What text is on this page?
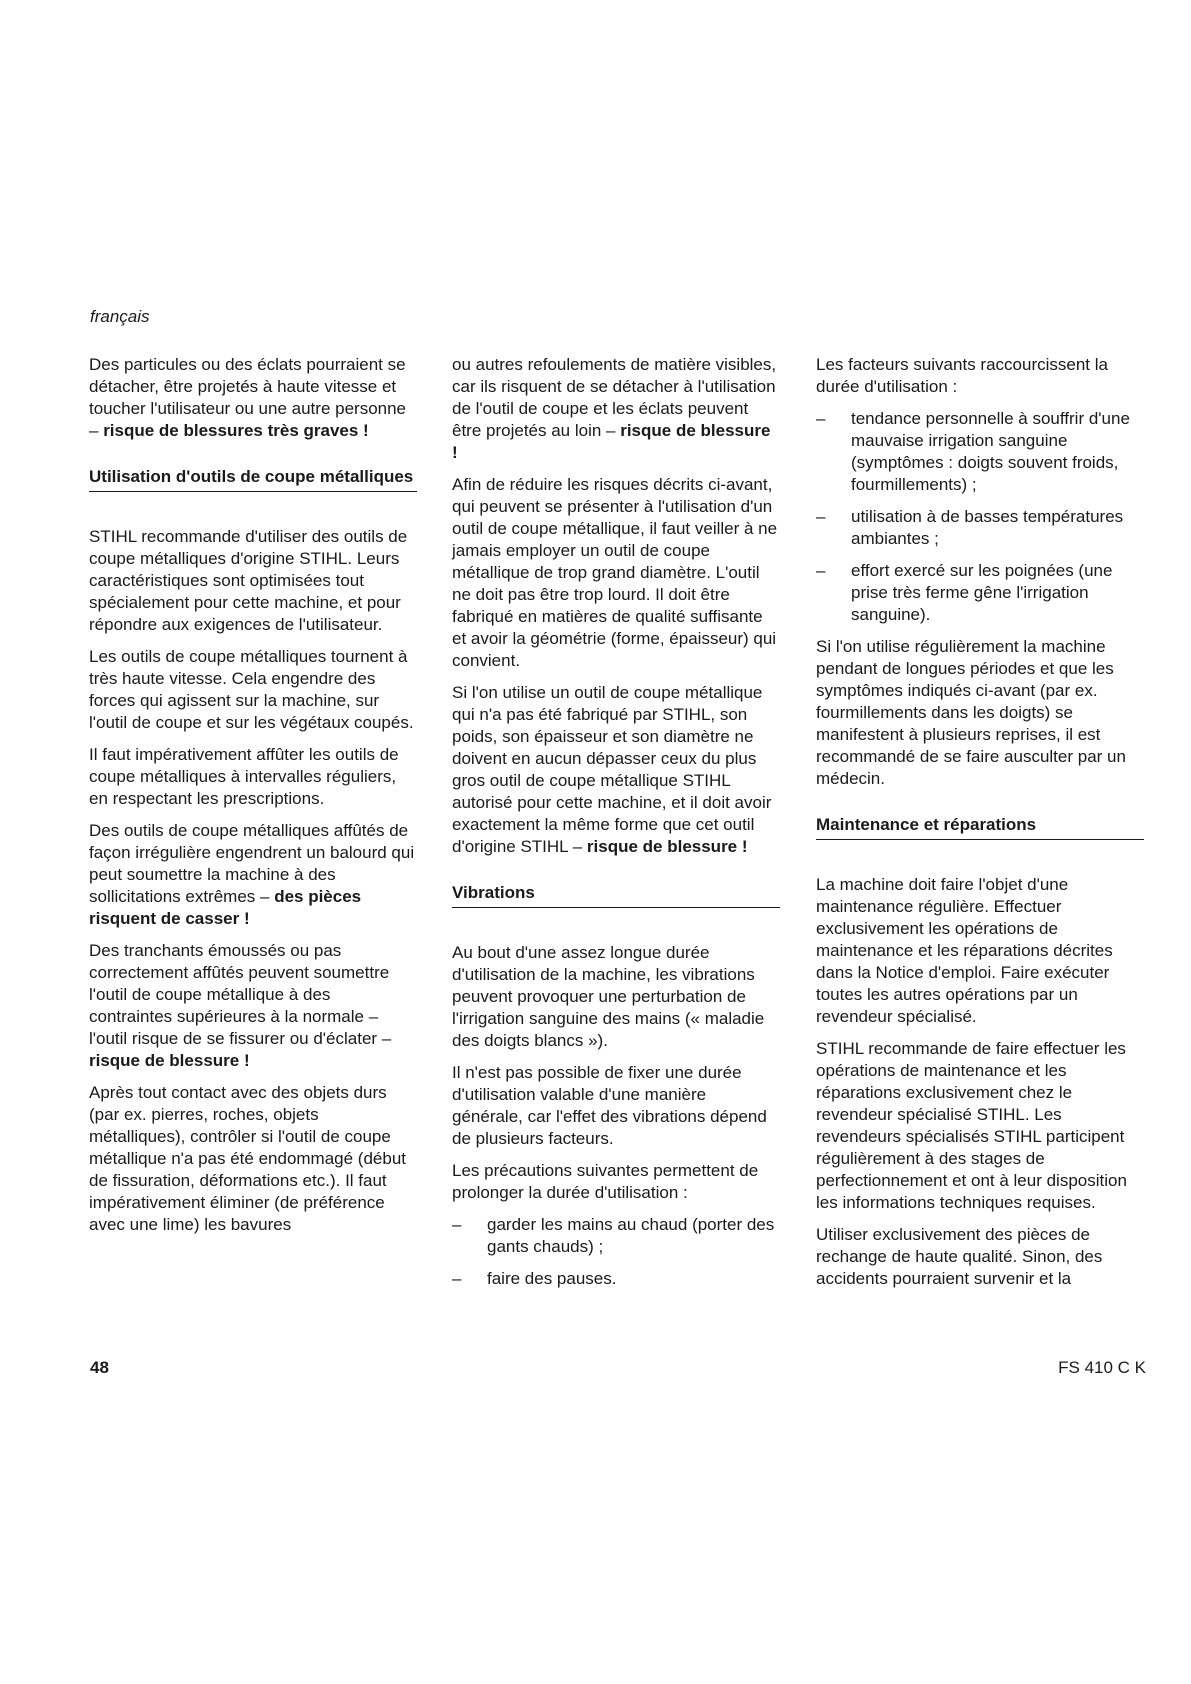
français

Des particules ou des éclats pourraient se détacher, être projetés à haute vitesse et toucher l'utilisateur ou une autre personne – risque de blessures très graves !

Utilisation d'outils de coupe métalliques

STIHL recommande d'utiliser des outils de coupe métalliques d'origine STIHL. Leurs caractéristiques sont optimisées tout spécialement pour cette machine, et pour répondre aux exigences de l'utilisateur.

Les outils de coupe métalliques tournent à très haute vitesse. Cela engendre des forces qui agissent sur la machine, sur l'outil de coupe et sur les végétaux coupés.

Il faut impérativement affûter les outils de coupe métalliques à intervalles réguliers, en respectant les prescriptions.

Des outils de coupe métalliques affûtés de façon irrégulière engendrent un balourd qui peut soumettre la machine à des sollicitations extrêmes – des pièces risquent de casser !

Des tranchants émoussés ou pas correctement affûtés peuvent soumettre l'outil de coupe métallique à des contraintes supérieures à la normale – l'outil risque de se fissurer ou d'éclater – risque de blessure !

Après tout contact avec des objets durs (par ex. pierres, roches, objets métalliques), contrôler si l'outil de coupe métallique n'a pas été endommagé (début de fissuration, déformations etc.). Il faut impérativement éliminer (de préférence avec une lime) les bavures

ou autres refoulements de matière visibles, car ils risquent de se détacher à l'utilisation de l'outil de coupe et les éclats peuvent être projetés au loin – risque de blessure !

Afin de réduire les risques décrits ci-avant, qui peuvent se présenter à l'utilisation d'un outil de coupe métallique, il faut veiller à ne jamais employer un outil de coupe métallique de trop grand diamètre. L'outil ne doit pas être trop lourd. Il doit être fabriqué en matières de qualité suffisante et avoir la géométrie (forme, épaisseur) qui convient.

Si l'on utilise un outil de coupe métallique qui n'a pas été fabriqué par STIHL, son poids, son épaisseur et son diamètre ne doivent en aucun dépasser ceux du plus gros outil de coupe métallique STIHL autorisé pour cette machine, et il doit avoir exactement la même forme que cet outil d'origine STIHL – risque de blessure !

Vibrations

Au bout d'une assez longue durée d'utilisation de la machine, les vibrations peuvent provoquer une perturbation de l'irrigation sanguine des mains (« maladie des doigts blancs »).

Il n'est pas possible de fixer une durée d'utilisation valable d'une manière générale, car l'effet des vibrations dépend de plusieurs facteurs.

Les précautions suivantes permettent de prolonger la durée d'utilisation :

–	garder les mains au chaud (porter des gants chauds) ;
–	faire des pauses.

Les facteurs suivants raccourcissent la durée d'utilisation :

–	tendance personnelle à souffrir d'une mauvaise irrigation sanguine (symptômes : doigts souvent froids, fourmillements) ;
–	utilisation à de basses températures ambiantes ;
–	effort exercé sur les poignées (une prise très ferme gêne l'irrigation sanguine).

Si l'on utilise régulièrement la machine pendant de longues périodes et que les symptômes indiqués ci-avant (par ex. fourmillements dans les doigts) se manifestent à plusieurs reprises, il est recommandé de se faire ausculter par un médecin.

Maintenance et réparations

La machine doit faire l'objet d'une maintenance régulière. Effectuer exclusivement les opérations de maintenance et les réparations décrites dans la Notice d'emploi. Faire exécuter toutes les autres opérations par un revendeur spécialisé.

STIHL recommande de faire effectuer les opérations de maintenance et les réparations exclusivement chez le revendeur spécialisé STIHL. Les revendeurs spécialisés STIHL participent régulièrement à des stages de perfectionnement et ont à leur disposition les informations techniques requises.

Utiliser exclusivement des pièces de rechange de haute qualité. Sinon, des accidents pourraient survenir et la

48	FS 410 C K
